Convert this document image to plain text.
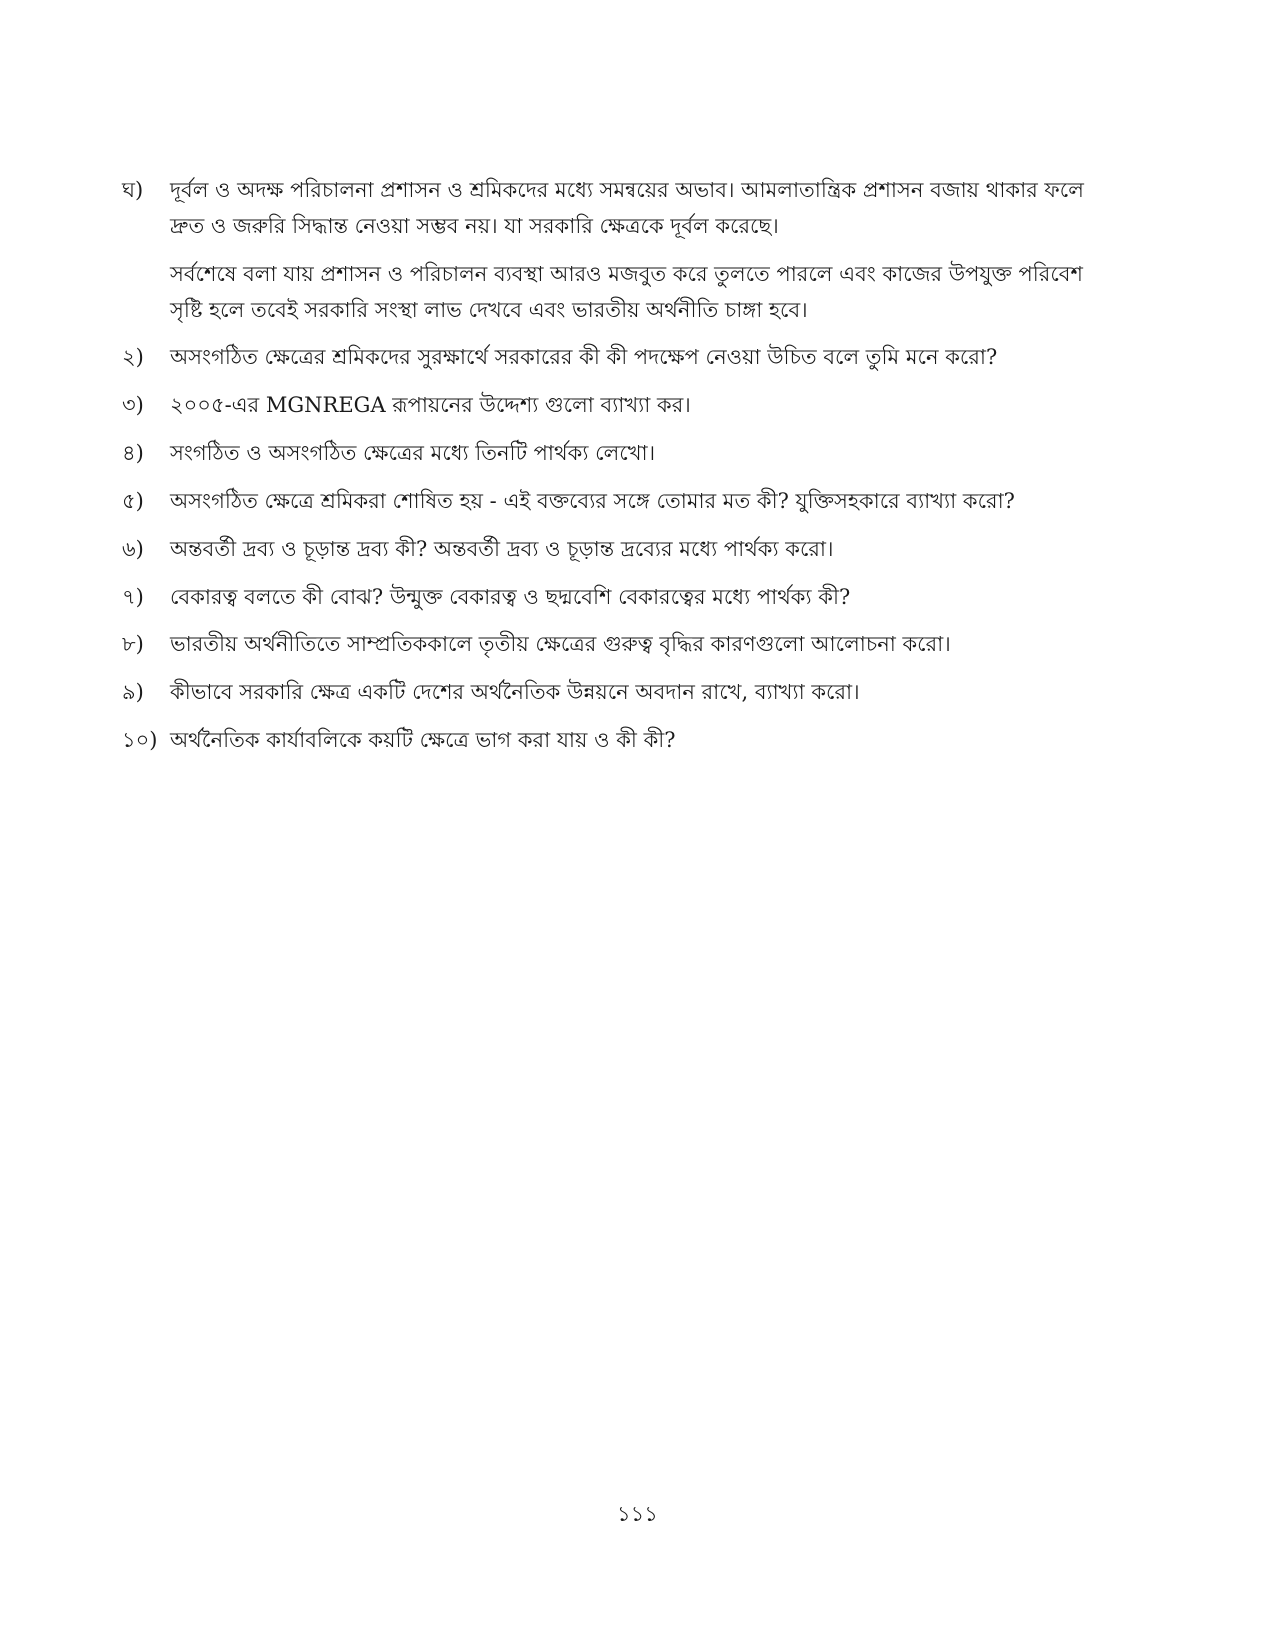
ঘ)	দূর্বল ও অদক্ষ পরিচালনা প্রশাসন ও শ্রমিকদের মধ্যে সমন্বয়ের অভাব। আমলাতান্ত্রিক প্রশাসন বজায় থাকার ফলে
দ্রুত ও জরুরি সিদ্ধান্ত নেওয়া সম্ভব নয়। যা সরকারি ক্ষেত্রকে দূর্বল করেছে।
সর্বশেষে বলা যায় প্রশাসন ও পরিচালন ব্যবস্থা আরও মজবুত করে তুলতে পারলে এবং কাজের উপযুক্ত পরিবেশ
সৃষ্টি হলে তবেই সরকারি সংস্থা লাভ দেখবে এবং ভারতীয় অর্থনীতি চাঙ্গা হবে।
২)	অসংগঠিত ক্ষেত্রের শ্রমিকদের সুরক্ষার্থে সরকারের কী কী পদক্ষেপ নেওয়া উচিত বলে তুমি মনে করো?
৩)	২০০৫-এর MGNREGA রূপায়নের উদ্দেশ্য গুলো ব্যাখ্যা কর।
৪)	সংগঠিত ও অসংগঠিত ক্ষেত্রের মধ্যে তিনটি পার্থক্য লেখো।
৫)	অসংগঠিত ক্ষেত্রে শ্রমিকরা শোষিত হয় - এই বক্তব্যের সঙ্গে তোমার মত কী? যুক্তিসহকারে ব্যাখ্যা করো?
৬)	অন্তবর্তী দ্রব্য ও চূড়ান্ত দ্রব্য কী? অন্তবর্তী দ্রব্য ও চূড়ান্ত দ্রব্যের মধ্যে পার্থক্য করো।
৭)	বেকারত্ব বলতে কী বোঝ? উন্মুক্ত বেকারত্ব ও ছদ্মবেশি বেকারত্বের মধ্যে পার্থক্য কী?
৮)	ভারতীয় অর্থনীতিতে সাম্প্রতিককালে তৃতীয় ক্ষেত্রের গুরুত্ব বৃদ্ধির কারণগুলো আলোচনা করো।
৯)	কীভাবে সরকারি ক্ষেত্র একটি দেশের অর্থনৈতিক উন্নয়নে অবদান রাখে, ব্যাখ্যা করো।
১০) অর্থনৈতিক কার্যাবলিকে কয়টি ক্ষেত্রে ভাগ করা যায় ও কী কী?
১১১
